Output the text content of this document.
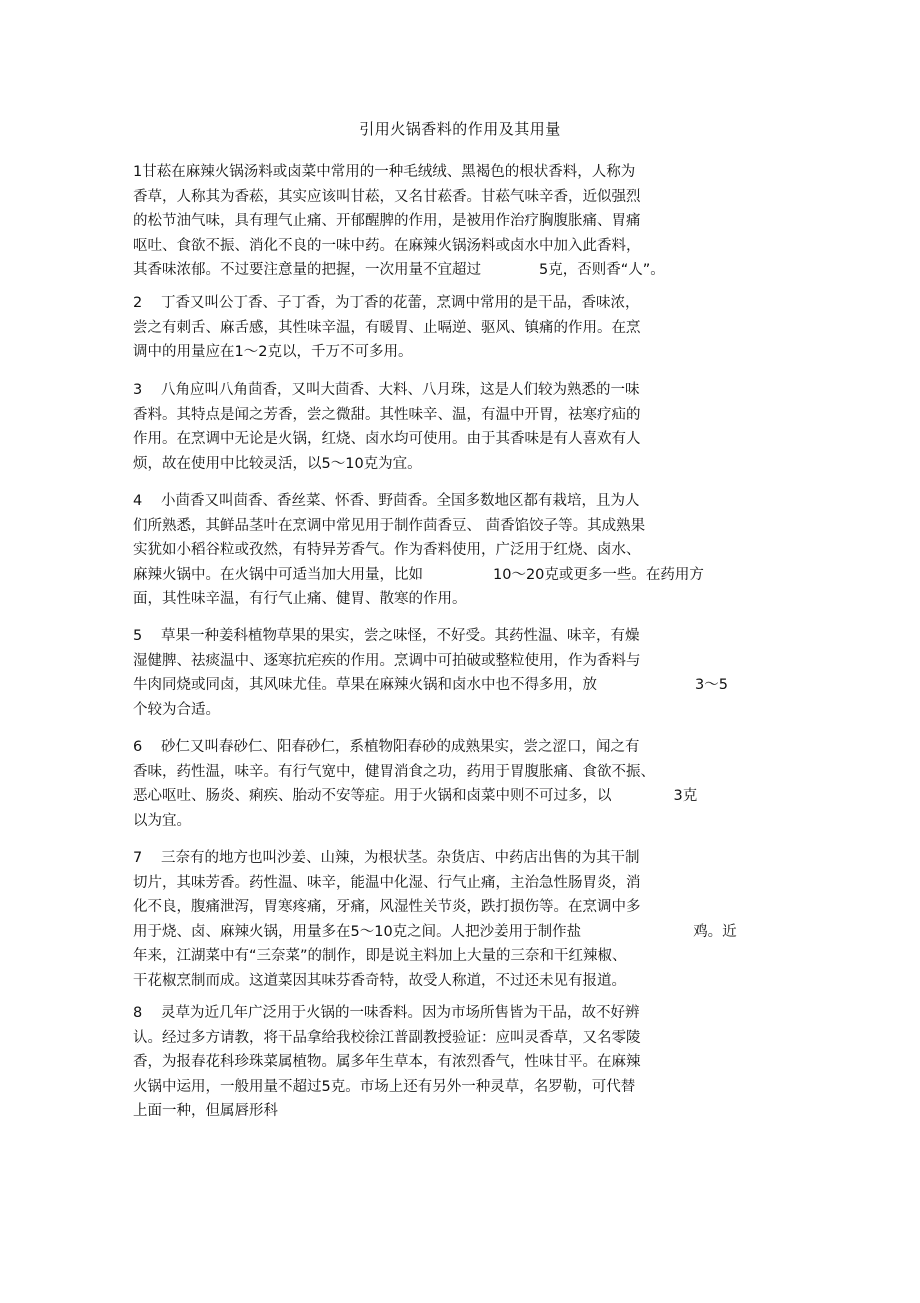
引用火锅香料的作用及其用量
1甘菘在麻辣火锅汤料或卤菜中常用的一种毛绒绒、黑褐色的根状香料，人称为
香草，人称其为香菘，其实应该叫甘菘，又名甘菘香。甘菘气味辛香，近似强烈
的松节油气味，具有理气止痛、开郁醒脾的作用，是被用作治疗胸腹胀痛、胃痛
呕吐、食欲不振、消化不良的一味中药。在麻辣火锅汤料或卤水中加入此香料，
其香味浓郁。不过要注意量的把握，一次用量不宜超过	5克，否则香“人”。
2 丁香又叫公丁香、子丁香，为丁香的花蕾，烹调中常用的是干品，香味浓，
尝之有刺舌、麻舌感，其性味辛温，有暖胃、止嗝逆、驱风、镇痛的作用。在烹
调中的用量应在1～2克以，千万不可多用。
3 八角应叫八角茴香，又叫大茴香、大料、八月珠，这是人们较为熟悉的一味
香料。其特点是闻之芳香，尝之微甜。其性味辛、温，有温中开胃，祛寒疗疝的
作用。在烹调中无论是火锅，红烧、卤水均可使用。由于其香味是有人喜欢有人
烦，故在使用中比较灵活，以5～10克为宜。
4 小茴香又叫茴香、香丝菜、怀香、野茴香。全国多数地区都有栽培，且为人
们所熟悉，其鲜品茎叶在烹调中常见用于制作茴香豆、 茴香馅饺子等。其成熟果
实犹如小稻谷粒或孜然，有特异芳香气。作为香料使用，广泛用于红烧、卤水、
麻辣火锅中。在火锅中可适当加大用量，比如	10～20克或更多一些。在药用方
面，其性味辛温，有行气止痛、健胃、散寒的作用。
5 草果一种姜科植物草果的果实，尝之味怪，不好受。其药性温、味辛，有燥
湿健脾、祛痰温中、逐寒抗疟疾的作用。烹调中可拍破或整粒使用，作为香料与
牛肉同烧或同卤，其风味尤佳。草果在麻辣火锅和卤水中也不得多用，放	3～5
个较为合适。
6 砂仁又叫春砂仁、阳春砂仁，系植物阳春砂的成熟果实，尝之涩口，闻之有
香味，药性温，味辛。有行气宽中，健胃消食之功，药用于胃腹胀痛、食欲不振、
恶心呕吐、肠炎、痢疾、胎动不安等症。用于火锅和卤菜中则不可过多，以	3克
以为宜。
7 三奈有的地方也叫沙姜、山辣，为根状茎。杂货店、中药店出售的为其干制
切片，其味芳香。药性温、味辛，能温中化湿、行气止痛，主治急性肠胃炎，消
化不良，腹痛泄泻，胃寒疼痛，牙痛，风湿性关节炎，跌打损伤等。在烹调中多
用于烧、卤、麻辣火锅，用量多在5～10克之间。人把沙姜用于制作盐	鸡。近
年来，江湖菜中有“三奈菜”的制作，即是说主料加上大量的三奈和干红辣椒、
干花椒烹制而成。这道菜因其味芬香奇特，故受人称道，不过还未见有报道。
8 灵草为近几年广泛用于火锅的一味香料。因为市场所售皆为干品，故不好辨
认。经过多方请教，将干品拿给我校徐江普副教授验证：应叫灵香草，又名零陵
香，为报春花科珍珠菜属植物。属多年生草本，有浓烈香气，性味甘平。在麻辣
火锅中运用，一般用量不超过5克。市场上还有另外一种灵草，名罗勒，可代替
上面一种，但属唇形科
